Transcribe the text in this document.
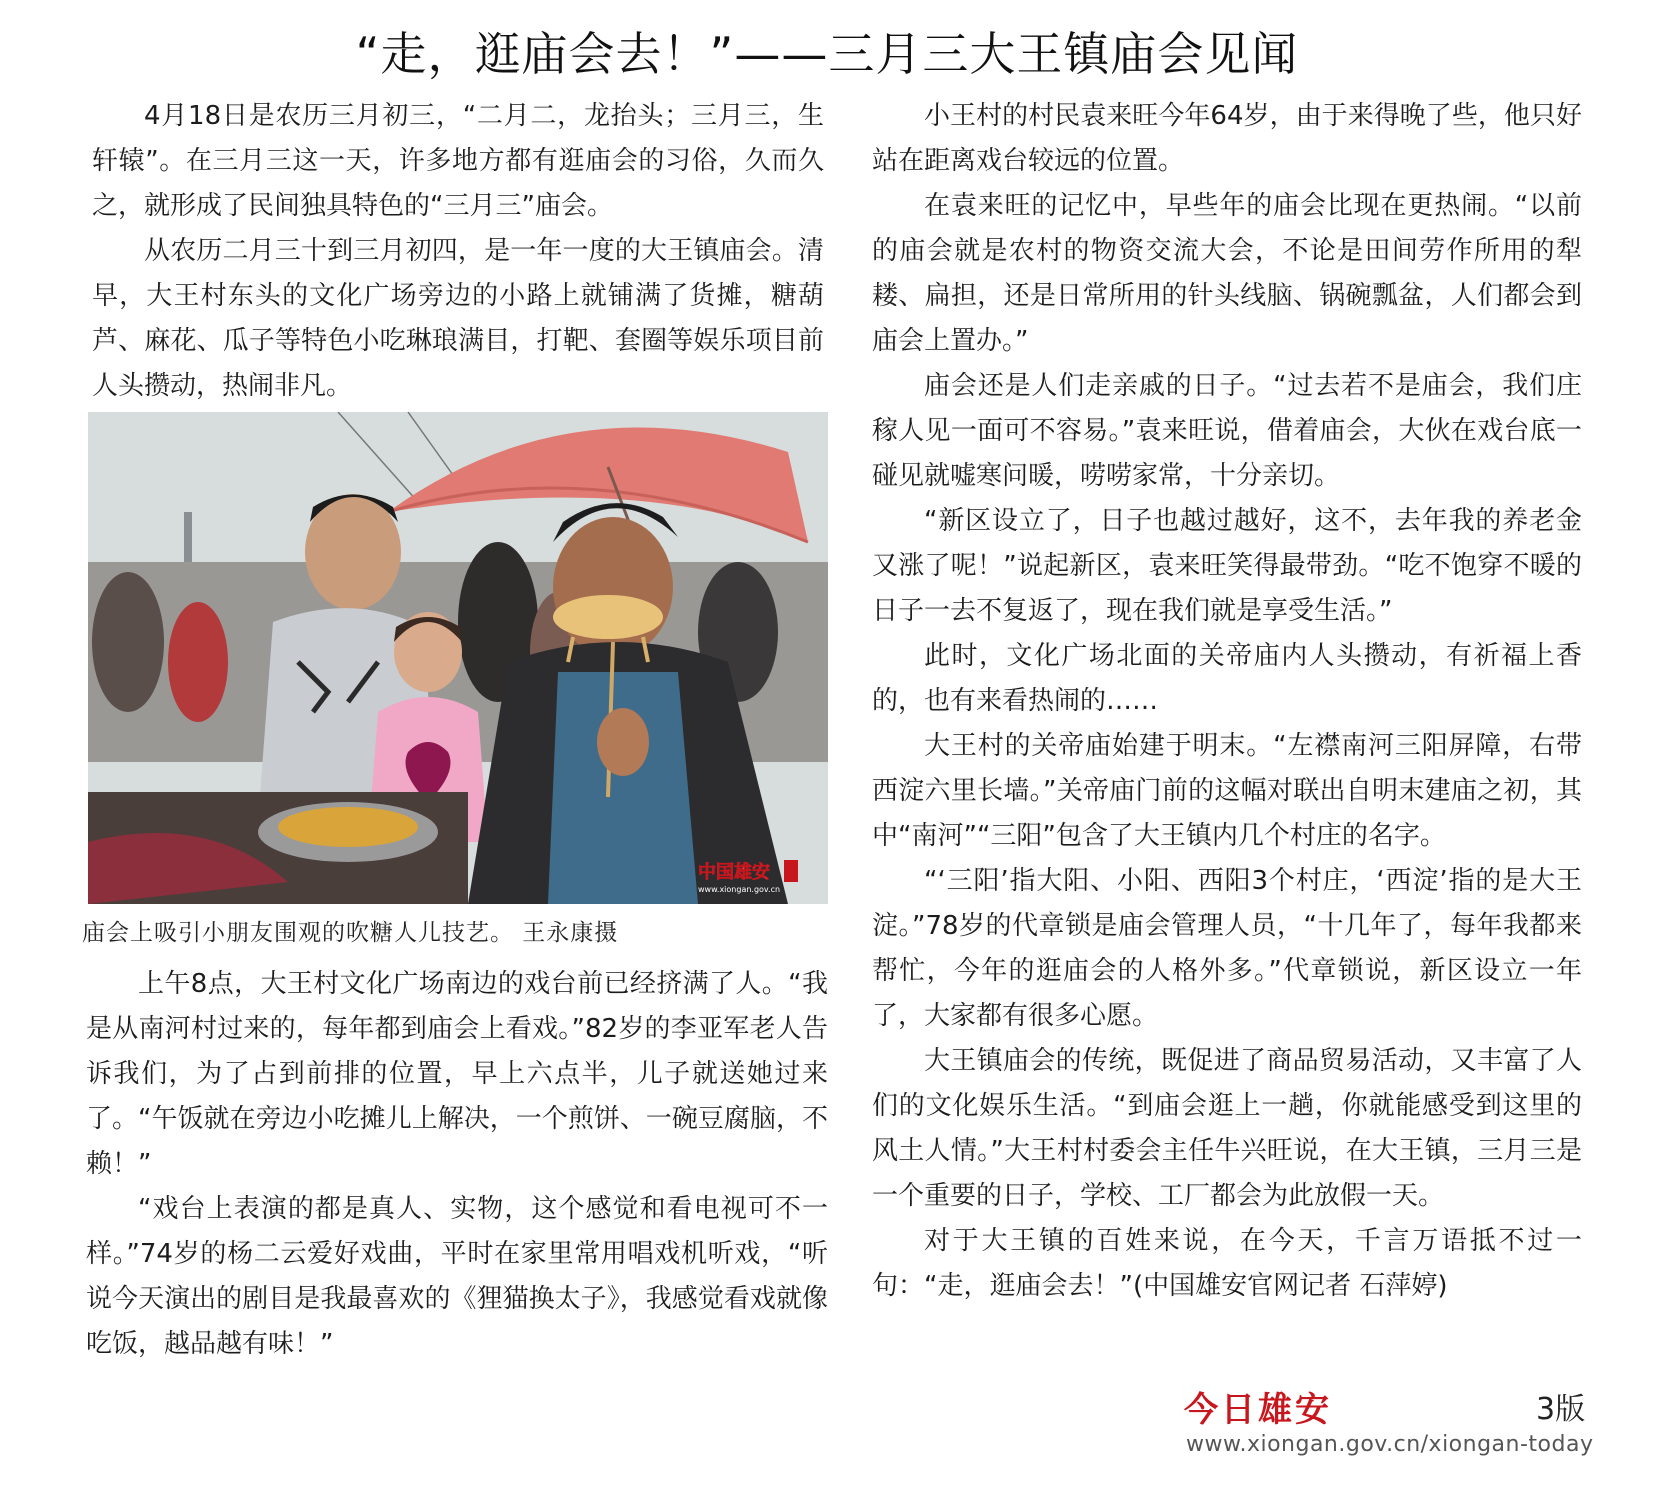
“走，逛庙会去！”——三月三大王镇庙会见闻

4月18日是农历三月初三，“二月二，龙抬头；三月三，生轩辕”。在三月三这一天，许多地方都有逛庙会的习俗，久而久之，就形成了民间独具特色的“三月三”庙会。

从农历二月三十到三月初四，是一年一度的大王镇庙会。清早，大王村东头的文化广场旁边的小路上就铺满了货摊，糖葫芦、麻花、瓜子等特色小吃琳琅满目，打靶、套圈等娱乐项目前人头攒动，热闹非凡。

中国雄安
www.xiongan.gov.cn
庙会上吸引小朋友围观的吹糖人儿技艺。 王永康摄

上午8点，大王村文化广场南边的戏台前已经挤满了人。“我是从南河村过来的，每年都到庙会上看戏。”82岁的李亚军老人告诉我们，为了占到前排的位置，早上六点半，儿子就送她过来了。“午饭就在旁边小吃摊儿上解决，一个煎饼、一碗豆腐脑，不赖！”

“戏台上表演的都是真人、实物，这个感觉和看电视可不一样。”74岁的杨二云爱好戏曲，平时在家里常用唱戏机听戏，“听说今天演出的剧目是我最喜欢的《狸猫换太子》，我感觉看戏就像吃饭，越品越有味！”

小王村的村民袁来旺今年64岁，由于来得晚了些，他只好站在距离戏台较远的位置。

在袁来旺的记忆中，早些年的庙会比现在更热闹。“以前的庙会就是农村的物资交流大会，不论是田间劳作所用的犁耧、扁担，还是日常所用的针头线脑、锅碗瓢盆，人们都会到庙会上置办。”

庙会还是人们走亲戚的日子。“过去若不是庙会，我们庄稼人见一面可不容易。”袁来旺说，借着庙会，大伙在戏台底一碰见就嘘寒问暖，唠唠家常，十分亲切。

“新区设立了，日子也越过越好，这不，去年我的养老金又涨了呢！”说起新区，袁来旺笑得最带劲。“吃不饱穿不暖的日子一去不复返了，现在我们就是享受生活。”

此时，文化广场北面的关帝庙内人头攒动，有祈福上香的，也有来看热闹的……

大王村的关帝庙始建于明末。“左襟南河三阳屏障，右带西淀六里长墙。”关帝庙门前的这幅对联出自明末建庙之初，其中“南河”“三阳”包含了大王镇内几个村庄的名字。

“‘三阳’指大阳、小阳、西阳3个村庄，‘西淀’指的是大王淀。”78岁的代章锁是庙会管理人员，“十几年了，每年我都来帮忙，今年的逛庙会的人格外多。”代章锁说，新区设立一年了，大家都有很多心愿。

大王镇庙会的传统，既促进了商品贸易活动，又丰富了人们的文化娱乐生活。“到庙会逛上一趟，你就能感受到这里的风土人情。”大王村村委会主任牛兴旺说，在大王镇，三月三是一个重要的日子，学校、工厂都会为此放假一天。

对于大王镇的百姓来说，在今天，千言万语抵不过一句：“走，逛庙会去！”(中国雄安官网记者 石萍婷)

今日雄安	3版
www.xiongan.gov.cn/xiongan-today
